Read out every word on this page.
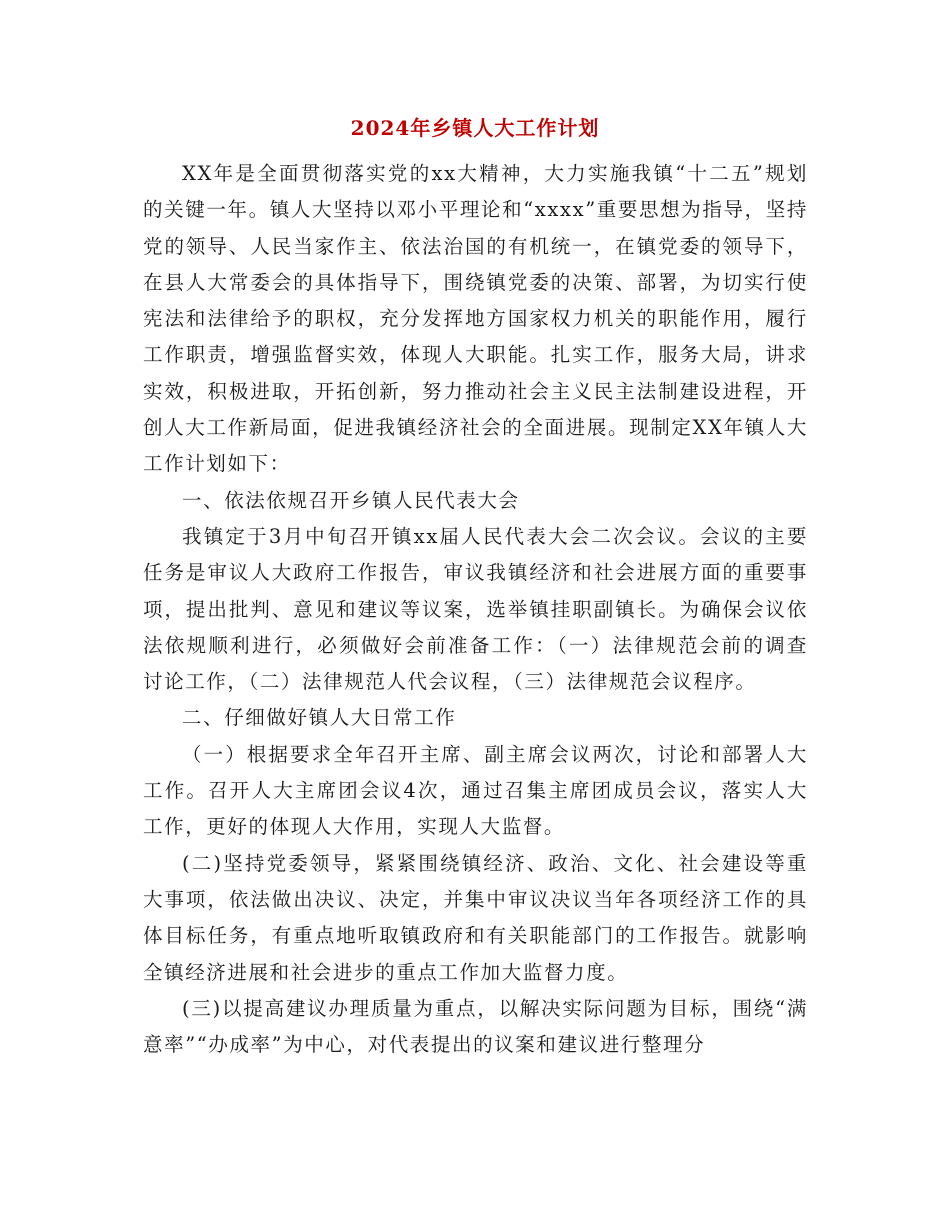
2024年乡镇人大工作计划

XX年是全面贯彻落实党的xx大精神，大力实施我镇“十二五”规划的关键一年。镇人大坚持以邓小平理论和“xxxx”重要思想为指导，坚持党的领导、人民当家作主、依法治国的有机统一，在镇党委的领导下，在县人大常委会的具体指导下，围绕镇党委的决策、部署，为切实行使宪法和法律给予的职权，充分发挥地方国家权力机关的职能作用，履行工作职责，增强监督实效，体现人大职能。扎实工作，服务大局，讲求实效，积极进取，开拓创新，努力推动社会主义民主法制建设进程，开创人大工作新局面，促进我镇经济社会的全面进展。现制定XX年镇人大工作计划如下：

一、依法依规召开乡镇人民代表大会

我镇定于3月中旬召开镇xx届人民代表大会二次会议。会议的主要任务是审议人大政府工作报告，审议我镇经济和社会进展方面的重要事项，提出批判、意见和建议等议案，选举镇挂职副镇长。为确保会议依法依规顺利进行，必须做好会前准备工作：（一）法律规范会前的调查讨论工作，（二）法律规范人代会议程，（三）法律规范会议程序。

二、仔细做好镇人大日常工作

（一）根据要求全年召开主席、副主席会议两次，讨论和部署人大工作。召开人大主席团会议4次，通过召集主席团成员会议，落实人大工作，更好的体现人大作用，实现人大监督。

(二)坚持党委领导，紧紧围绕镇经济、政治、文化、社会建设等重大事项，依法做出决议、决定，并集中审议决议当年各项经济工作的具体目标任务，有重点地听取镇政府和有关职能部门的工作报告。就影响全镇经济进展和社会进步的重点工作加大监督力度。

(三)以提高建议办理质量为重点，以解决实际问题为目标，围绕“满意率”“办成率”为中心，对代表提出的议案和建议进行整理分
